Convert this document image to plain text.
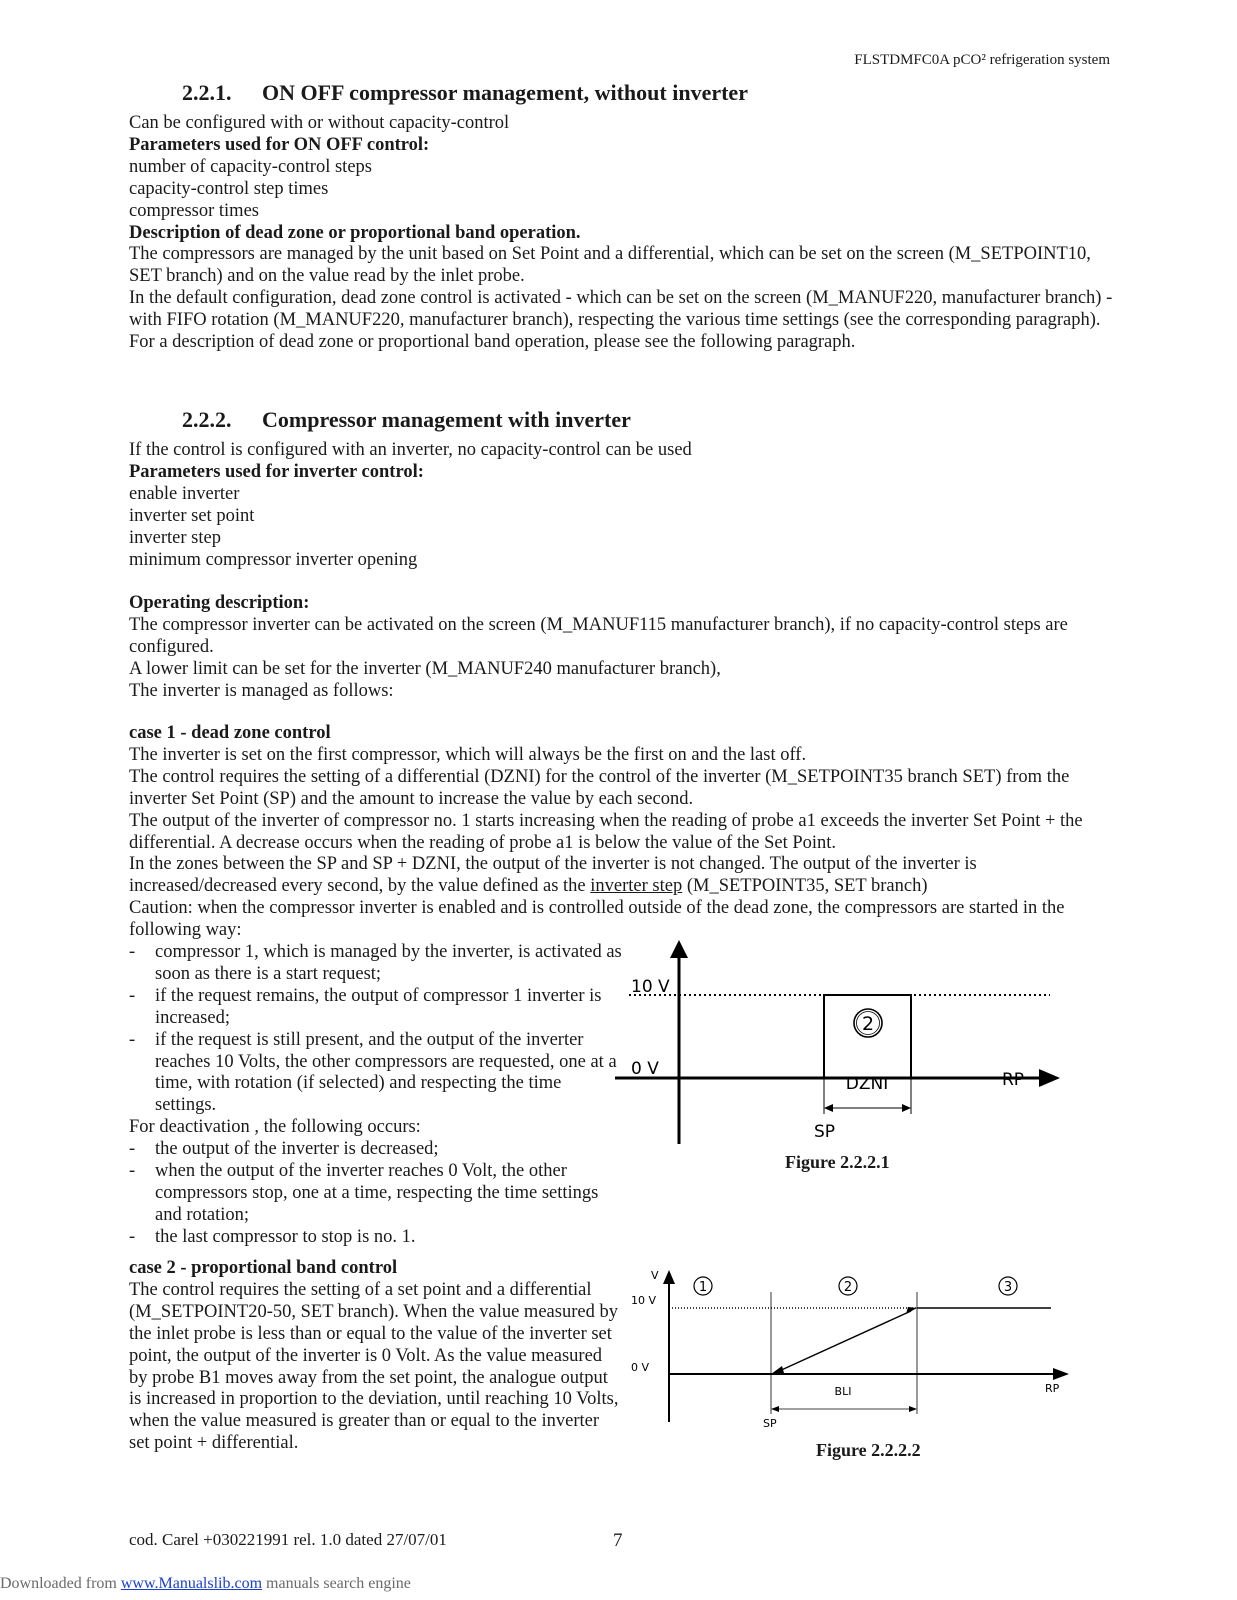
FLSTDMFC0A pCO² refrigeration system
2.2.1. ON OFF compressor management, without inverter

Can be configured with or without capacity-control

Parameters used for ON OFF control:

number of capacity-control steps

capacity-control step times

compressor times

Description of dead zone or proportional band operation.

The compressors are managed by the unit based on Set Point and a differential, which can be set on the screen (M_SETPOINT10, SET branch) and on the value read by the inlet probe.

In the default configuration, dead zone control is activated - which can be set on the screen (M_MANUF220, manufacturer branch) - with FIFO rotation (M_MANUF220, manufacturer branch), respecting the various time settings (see the corresponding paragraph).

For a description of dead zone or proportional band operation, please see the following paragraph.

2.2.2. Compressor management with inverter

If the control is configured with an inverter, no capacity-control can be used

Parameters used for inverter control:

enable inverter

inverter set point

inverter step

minimum compressor inverter opening

Operating description:

The compressor inverter can be activated on the screen (M_MANUF115 manufacturer branch), if no capacity-control steps are configured.

A lower limit can be set for the inverter (M_MANUF240 manufacturer branch),

The inverter is managed as follows:

case 1 - dead zone control

The inverter is set on the first compressor, which will always be the first on and the last off.

The control requires the setting of a differential (DZNI) for the control of the inverter (M_SETPOINT35 branch SET) from the inverter Set Point (SP) and the amount to increase the value by each second.

The output of the inverter of compressor no. 1 starts increasing when the reading of probe a1 exceeds the inverter Set Point + the differential. A decrease occurs when the reading of probe a1 is below the value of the Set Point.

In the zones between the SP and SP + DZNI, the output of the inverter is not changed. The output of the inverter is increased/decreased every second, by the value defined as the inverter step (M_SETPOINT35, SET branch)

Caution: when the compressor inverter is enabled and is controlled outside of the dead zone, the compressors are started in the following way:

- compressor 1, which is managed by the inverter, is activated as soon as there is a start request;

- if the request remains, the output of compressor 1 inverter is increased;

- if the request is still present, and the output of the inverter reaches 10 Volts, the other compressors are requested, one at a time, with rotation (if selected) and respecting the time settings.

For deactivation , the following occurs:

- the output of the inverter is decreased;

- when the output of the inverter reaches 0 Volt, the other compressors stop, one at a time, respecting the time settings and rotation;

- the last compressor to stop is no. 1.

case 2 - proportional band control

The control requires the setting of a set point and a differential (M_SETPOINT20-50, SET branch). When the value measured by the inlet probe is less than or equal to the value of the inverter set point, the output of the inverter is 0 Volt. As the value measured by probe B1 moves away from the set point, the analogue output is increased in proportion to the deviation, until reaching 10 Volts, when the value measured is greater than or equal to the inverter set point + differential.

10 V
0 V
2
DZNI	RP
SP
Figure 2.2.2.1
V
10 V
0 V
BLI	RP
SP
1	2	3
Figure 2.2.2.2
cod. Carel +030221991 rel. 1.0 dated 27/07/01	7
Downloaded from www.Manualslib.com manuals search engine
